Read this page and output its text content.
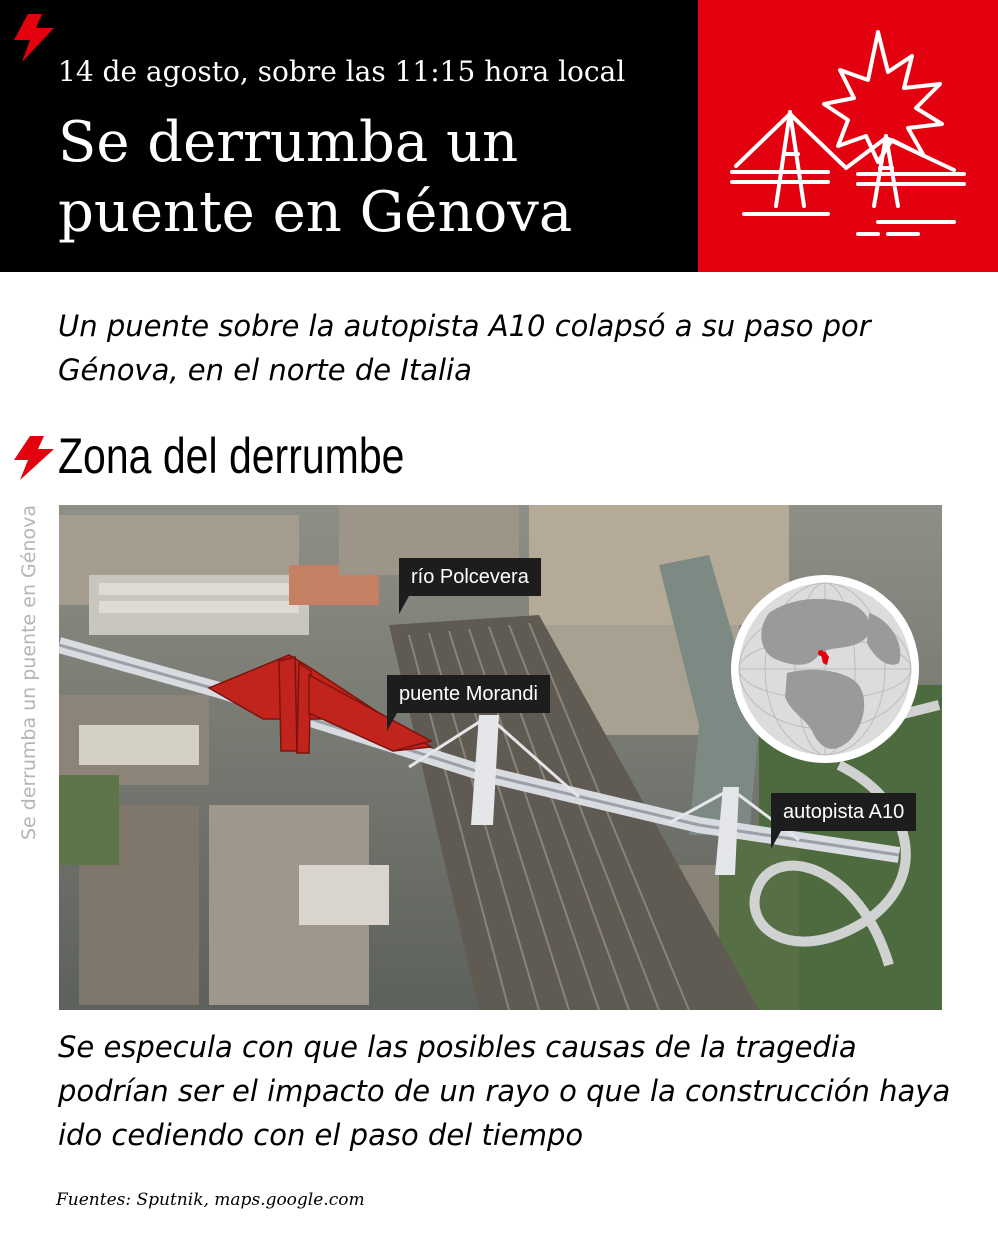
14 de agosto, sobre las 11:15 hora local
Se derrumba un puente en Génova
Un puente sobre la autopista A10 colapsó a su paso por Génova, en el norte de Italia
Zona del derrumbe
Se derrumba un puente en Génova	río Polcevera
puente Morandi
autopista A10
Se especula con que las posibles causas de la tragedia podrían ser el impacto de un rayo o que la construcción haya ido cediendo con el paso del tiempo
Fuentes: Sputnik, maps.google.com
